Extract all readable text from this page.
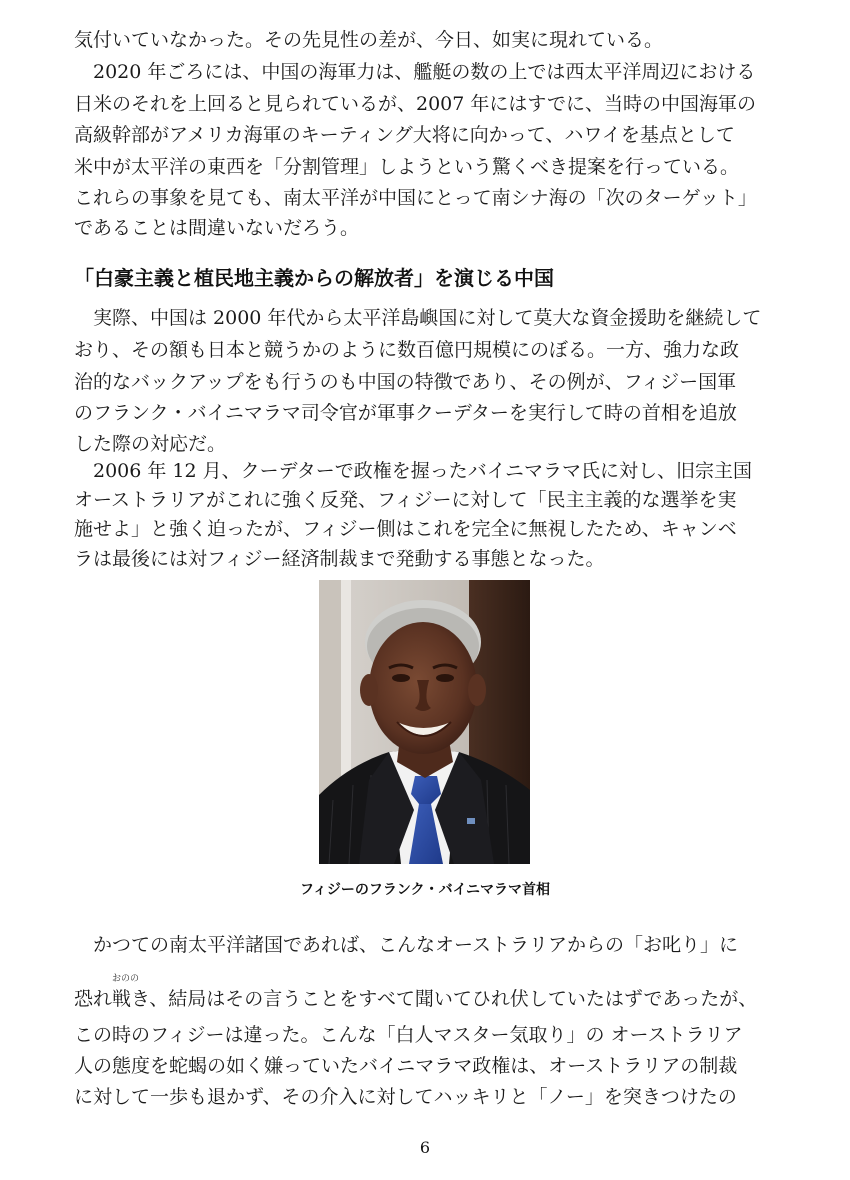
気付いていなかった。その先見性の差が、今日、如実に現れている。
　2020 年ごろには、中国の海軍力は、艦艇の数の上では西太平洋周辺における
日米のそれを上回ると見られているが、2007 年にはすでに、当時の中国海軍の
高級幹部がアメリカ海軍のキーティング大将に向かって、ハワイを基点として
米中が太平洋の東西を「分割管理」しようという驚くべき提案を行っている。
これらの事象を見ても、南太平洋が中国にとって南シナ海の「次のターゲット」
であることは間違いないだろう。
「白豪主義と植民地主義からの解放者」を演じる中国
　実際、中国は 2000 年代から太平洋島嶼国に対して莫大な資金援助を継続して
おり、その額も日本と競うかのように数百億円規模にのぼる。一方、強力な政
治的なバックアップをも行うのも中国の特徴であり、その例が、フィジー国軍
のフランク・バイニマラマ司令官が軍事クーデターを実行して時の首相を追放
した際の対応だ。
　2006 年 12 月、クーデターで政権を握ったバイニマラマ氏に対し、旧宗主国
オーストラリアがこれに強く反発、フィジーに対して「民主主義的な選挙を実
施せよ」と強く迫ったが、フィジー側はこれを完全に無視したため、キャンベ
ラは最後には対フィジー経済制裁まで発動する事態となった。
フィジーのフランク・バイニマラマ首相
　かつての南太平洋諸国であれば、こんなオーストラリアからの「お叱り」に
恐れ
おのの
戦き、結局はその言うことをすべて聞いてひれ伏していたはずであったが、
この時のフィジーは違った。こんな「白人マスター気取り」の オーストラリア
人の態度を蛇蝎の如く嫌っていたバイニマラマ政権は、オーストラリアの制裁
に対して一歩も退かず、その介入に対してハッキリと「ノー」を突きつけたの
6
